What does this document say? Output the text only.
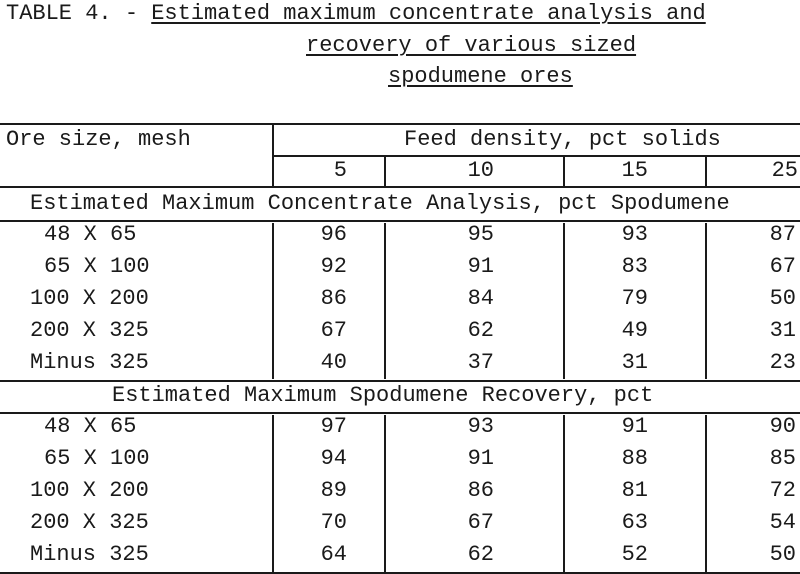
TABLE 4. - Estimated maximum concentrate analysis and
recovery of various sized
spodumene ores
Ore size, mesh	Feed density, pct solids
5	10	15	25
Estimated Maximum Concentrate Analysis, pct Spodumene
48 X 65	96	95	93	87
65 X 100	92	91	83	67
100 X 200	86	84	79	50
200 X 325	67	62	49	31
Minus 325	40	37	31	23
Estimated Maximum Spodumene Recovery, pct
48 X 65	97	93	91	90
65 X 100	94	91	88	85
100 X 200	89	86	81	72
200 X 325	70	67	63	54
Minus 325	64	62	52	50
